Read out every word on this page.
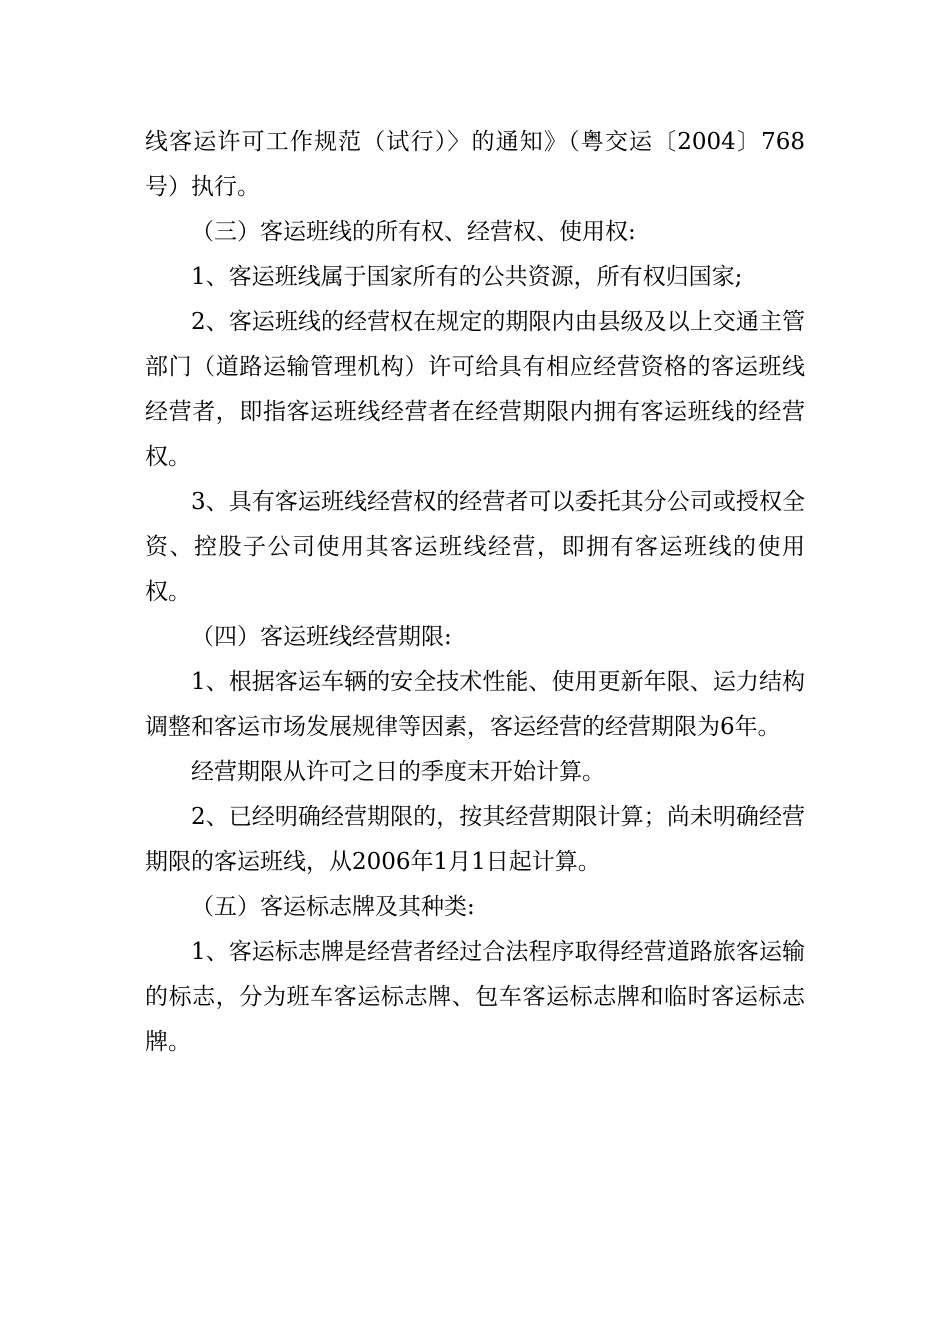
线客运许可工作规范（试行）〉的通知》（粤交运〔2004〕768号）执行。

（三）客运班线的所有权、经营权、使用权:

1、客运班线属于国家所有的公共资源，所有权归国家;

2、客运班线的经营权在规定的期限内由县级及以上交通主管部门（道路运输管理机构）许可给具有相应经营资格的客运班线经营者，即指客运班线经营者在经营期限内拥有客运班线的经营权。

3、具有客运班线经营权的经营者可以委托其分公司或授权全资、控股子公司使用其客运班线经营，即拥有客运班线的使用权。

（四）客运班线经营期限:

1、根据客运车辆的安全技术性能、使用更新年限、运力结构调整和客运市场发展规律等因素，客运经营的经营期限为6年。

经营期限从许可之日的季度末开始计算。

2、已经明确经营期限的，按其经营期限计算；尚未明确经营期限的客运班线，从2006年1月1日起计算。

（五）客运标志牌及其种类:

1、客运标志牌是经营者经过合法程序取得经营道路旅客运输的标志，分为班车客运标志牌、包车客运标志牌和临时客运标志牌。
